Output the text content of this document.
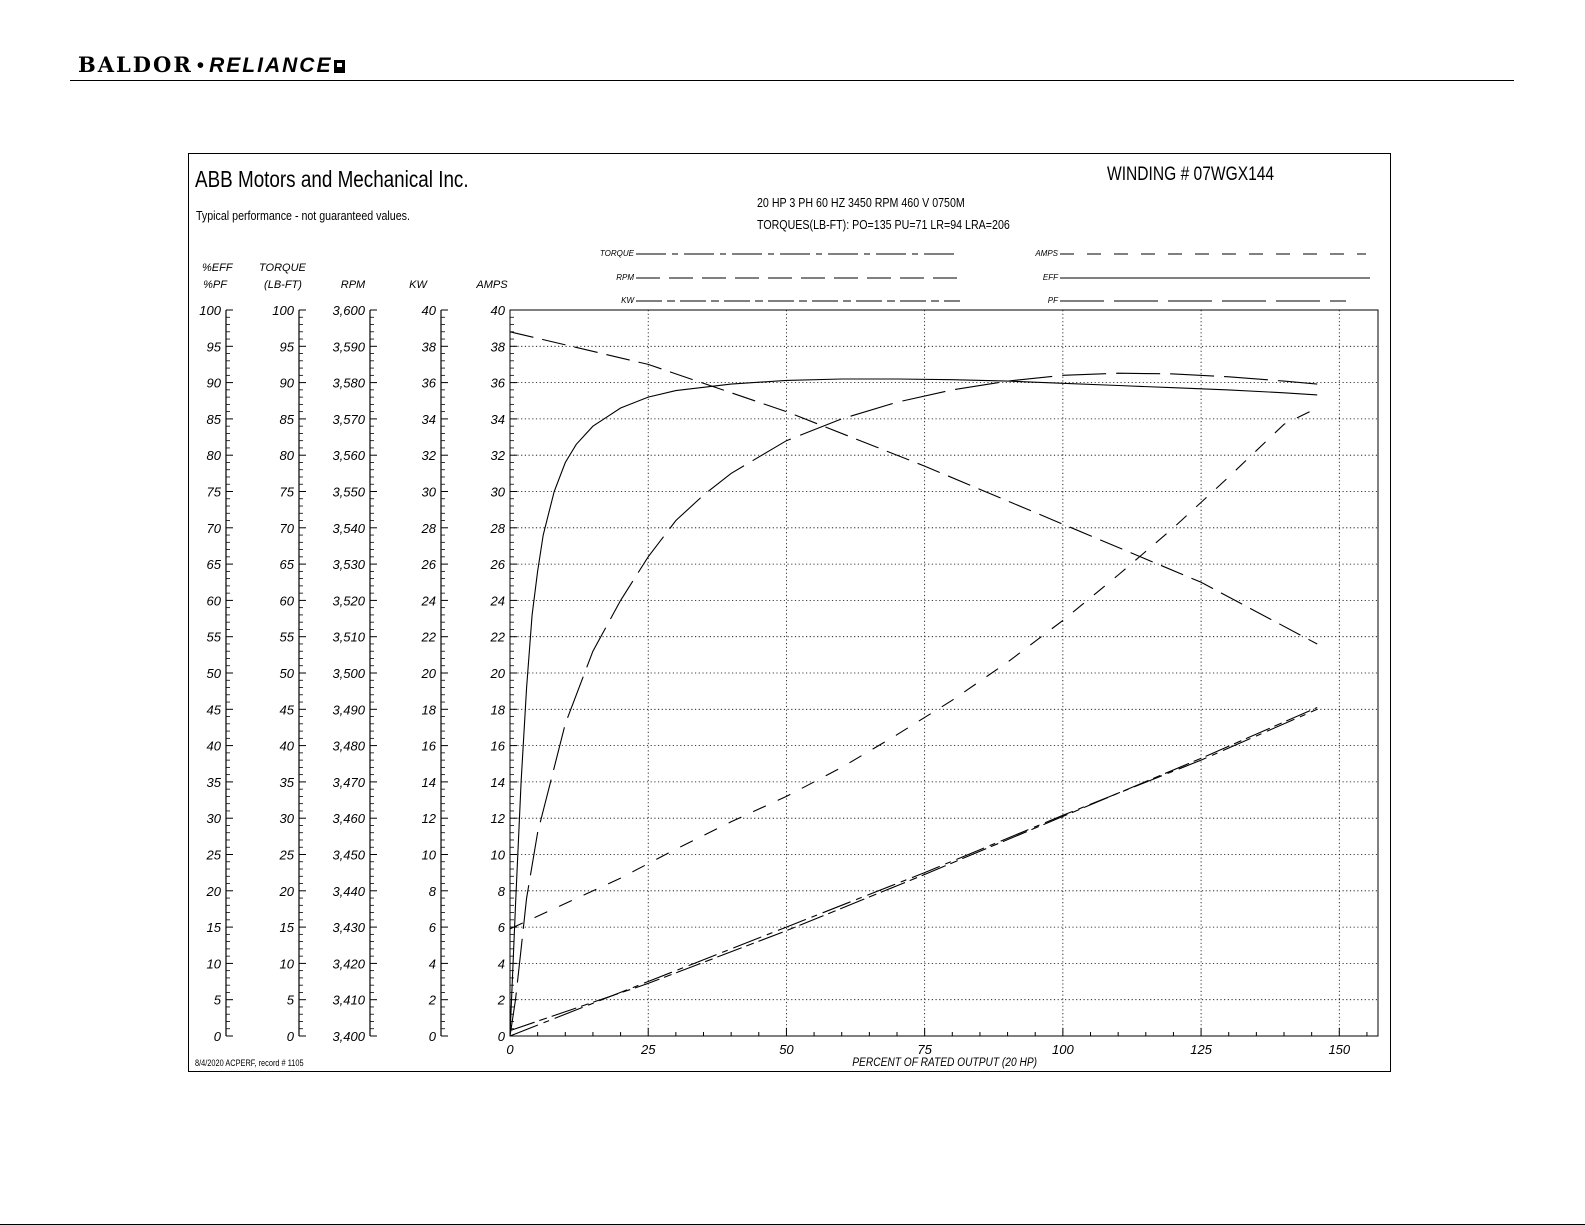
BALDOR • RELIANCE
ABB Motors and Mechanical Inc.
Typical performance - not guaranteed values.
WINDING # 07WGX144
20 HP 3 PH 60 HZ 3450 RPM 460 V 0750M
TORQUES(LB-FT): PO=135 PU=71 LR=94 LRA=206
8/4/2020 ACPERF, record # 1105
0	25	50	75	100	125	150
PERCENT OF RATED OUTPUT (20 HP)
0
5
10
15
20
25
30
35
40
45
50
55
60
65
70
75
80
85
90
95
100
%EFF
%PF
0
5
10
15
20
25
30
35
40
45
50
55
60
65
70
75
80
85
90
95
100
TORQUE
(LB-FT)
3,400
3,410
3,420
3,430
3,440
3,450
3,460
3,470
3,480
3,490
3,500
3,510
3,520
3,530
3,540
3,550
3,560
3,570
3,580
3,590
3,600
RPM
0
2
4
6
8
10
12
14
16
18
20
22
24
26
28
30
32
34
36
38
40
KW
0
2
4
6
8
10
12
14
16
18
20
22
24
26
28
30
32
34
36
38
40
AMPS
TORQUE
RPM
KW
AMPS
EFF
PF
